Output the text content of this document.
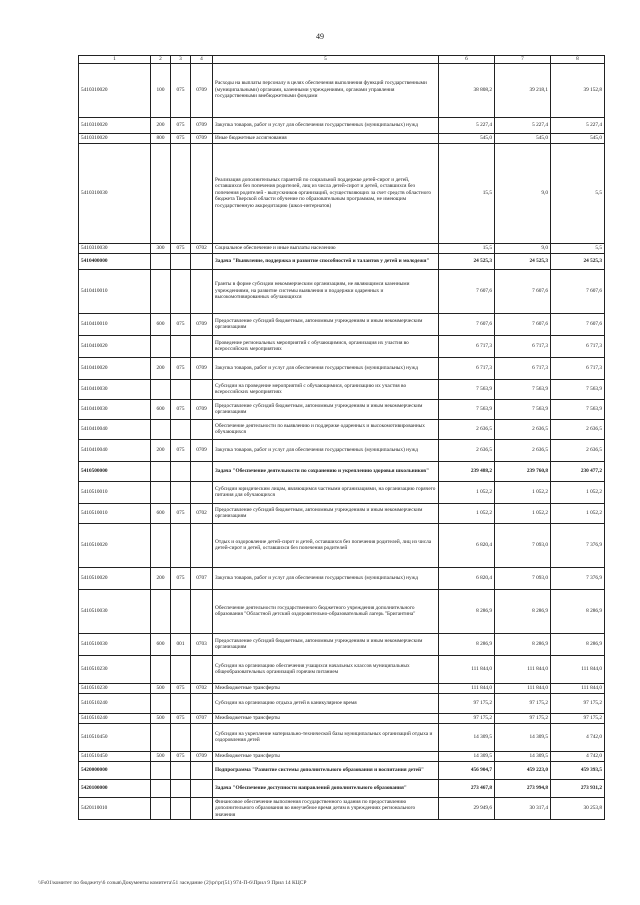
49
1	2	3	4	5	6	7	8
5410310020	100	075	0709	Расходы на выплаты персоналу в целях обеспечения выполнения функций государственными (муниципальными) органами, казенными учреждениями, органами управления государственными внебюджетными фондами	38 808,2	39 218,1	39 152,8
5410310020	200	075	0709	Закупка товаров, работ и услуг для обеспечения государственных (муниципальных) нужд	5 227,4	5 227,4	5 227,4
5410310020	800	075	0709	Иные бюджетные ассигнования	545,0	545,0	545,0
5410310030				Реализация дополнительных гарантий по социальной поддержке детей-сирот и детей, оставшихся без попечения родителей, лиц из числа детей-сирот и детей, оставшихся без попечения родителей - выпускников организаций, осуществляющих за счет средств областного бюджета Тверской области обучение по образовательным программам, не имеющим государственную аккредитацию (школ-интернатов)	15,5	9,0	5,5
5410310030	300	075	0702	Социальное обеспечение и иные выплаты населению	15,5	9,0	5,5
5410400000				Задача "Выявление, поддержка и развитие способностей и талантов у детей и молодежи"	24 525,3	24 525,3	24 525,3
5410410010				Гранты в форме субсидии некоммерческим организациям, не являющимся казенными учреждениями, на развитие системы выявления и поддержки одаренных и высокомотивированных обучающихся	7 607,6	7 607,6	7 607,6
5410410010	600	075	0709	Предоставление субсидий бюджетным, автономным учреждениям и иным некоммерческим организациям	7 607,6	7 607,6	7 607,6
5410410020				Проведение региональных мероприятий с обучающимися, организация их участия во всероссийских мероприятиях	6 717,3	6 717,3	6 717,3
5410410020	200	075	0709	Закупка товаров, работ и услуг для обеспечения государственных (муниципальных) нужд	6 717,3	6 717,3	6 717,3
5410410030				Субсидии на проведение мероприятий с обучающимися, организацию их участия во всероссийских мероприятиях	7 563,9	7 563,9	7 563,9
5410410030	600	075	0709	Предоставление субсидий бюджетным, автономным учреждениям и иным некоммерческим организациям	7 563,9	7 563,9	7 563,9
5410410040				Обеспечение деятельности по выявлению и поддержке одаренных и высокомотивированных обучающихся	2 636,5	2 636,5	2 636,5
5410410040	200	075	0709	Закупка товаров, работ и услуг для обеспечения государственных (муниципальных) нужд	2 636,5	2 636,5	2 636,5
5410500000				Задача "Обеспечение деятельности по сохранению и укреплению здоровья школьников"	239 488,2	239 760,8	230 477,2
5410510010				Субсидии юридическим лицам, являющимся частными организациями, на организацию горячего питания для обучающихся	1 052,2	1 052,2	1 052,2
5410510010	600	075	0702	Предоставление субсидий бюджетным, автономным учреждениям и иным некоммерческим организациям	1 052,2	1 052,2	1 052,2
5410510020				Отдых и оздоровление детей-сирот и детей, оставшихся без попечения родителей, лиц из числа детей-сирот и детей, оставшихся без попечения родителей	6 820,4	7 093,0	7 376,9
5410510020	200	075	0707	Закупка товаров, работ и услуг для обеспечения государственных (муниципальных) нужд	6 820,4	7 093,0	7 376,9
5410510030				Обеспечение деятельности государственного бюджетного учреждения дополнительного образования "Областной детский оздоровительно-образовательный лагерь "Бригантина"	8 286,9	8 286,9	8 286,9
5410510030	600	001	0703	Предоставление субсидий бюджетным, автономным учреждениям и иным некоммерческим организациям	8 286,9	8 286,9	8 286,9
5410510230				Субсидии на организацию обеспечения учащихся начальных классов муниципальных общеобразовательных организаций горячим питанием	111 844,0	111 844,0	111 844,0
5410510230	500	075	0702	Межбюджетные трансферты	111 844,0	111 844,0	111 844,0
5410510240				Субсидии на организацию отдыха детей в каникулярное время	97 175,2	97 175,2	97 175,2
5410510240	500	075	0707	Межбюджетные трансферты	97 175,2	97 175,2	97 175,2
5410510450				Субсидии на укрепление материально-технической базы муниципальных организаций отдыха и оздоровления детей	14 309,5	14 309,5	4 742,0
5410510450	500	075	0709	Межбюджетные трансферты	14 309,5	14 309,5	4 742,0
5420000000				Подпрограмма "Развитие системы дополнительного образования и воспитания детей"	456 904,7	459 223,0	459 393,5
5420100000				Задача "Обеспечение доступности направлений дополнительного образования"	273 467,8	273 994,8	273 931,2
5420110010				Финансовое обеспечение выполнения государственного задания по предоставлению дополнительного образования во внеучебное время детям в учреждениях регионального значения	29 949,6	30 317,4	30 253,8
\\Fs01\комитет по бюджету\6 созыв\Документы комитета\51 заседание (2)\pr\pr(51) 974-П-6\Прил 9 Прил 14 КЦСР
